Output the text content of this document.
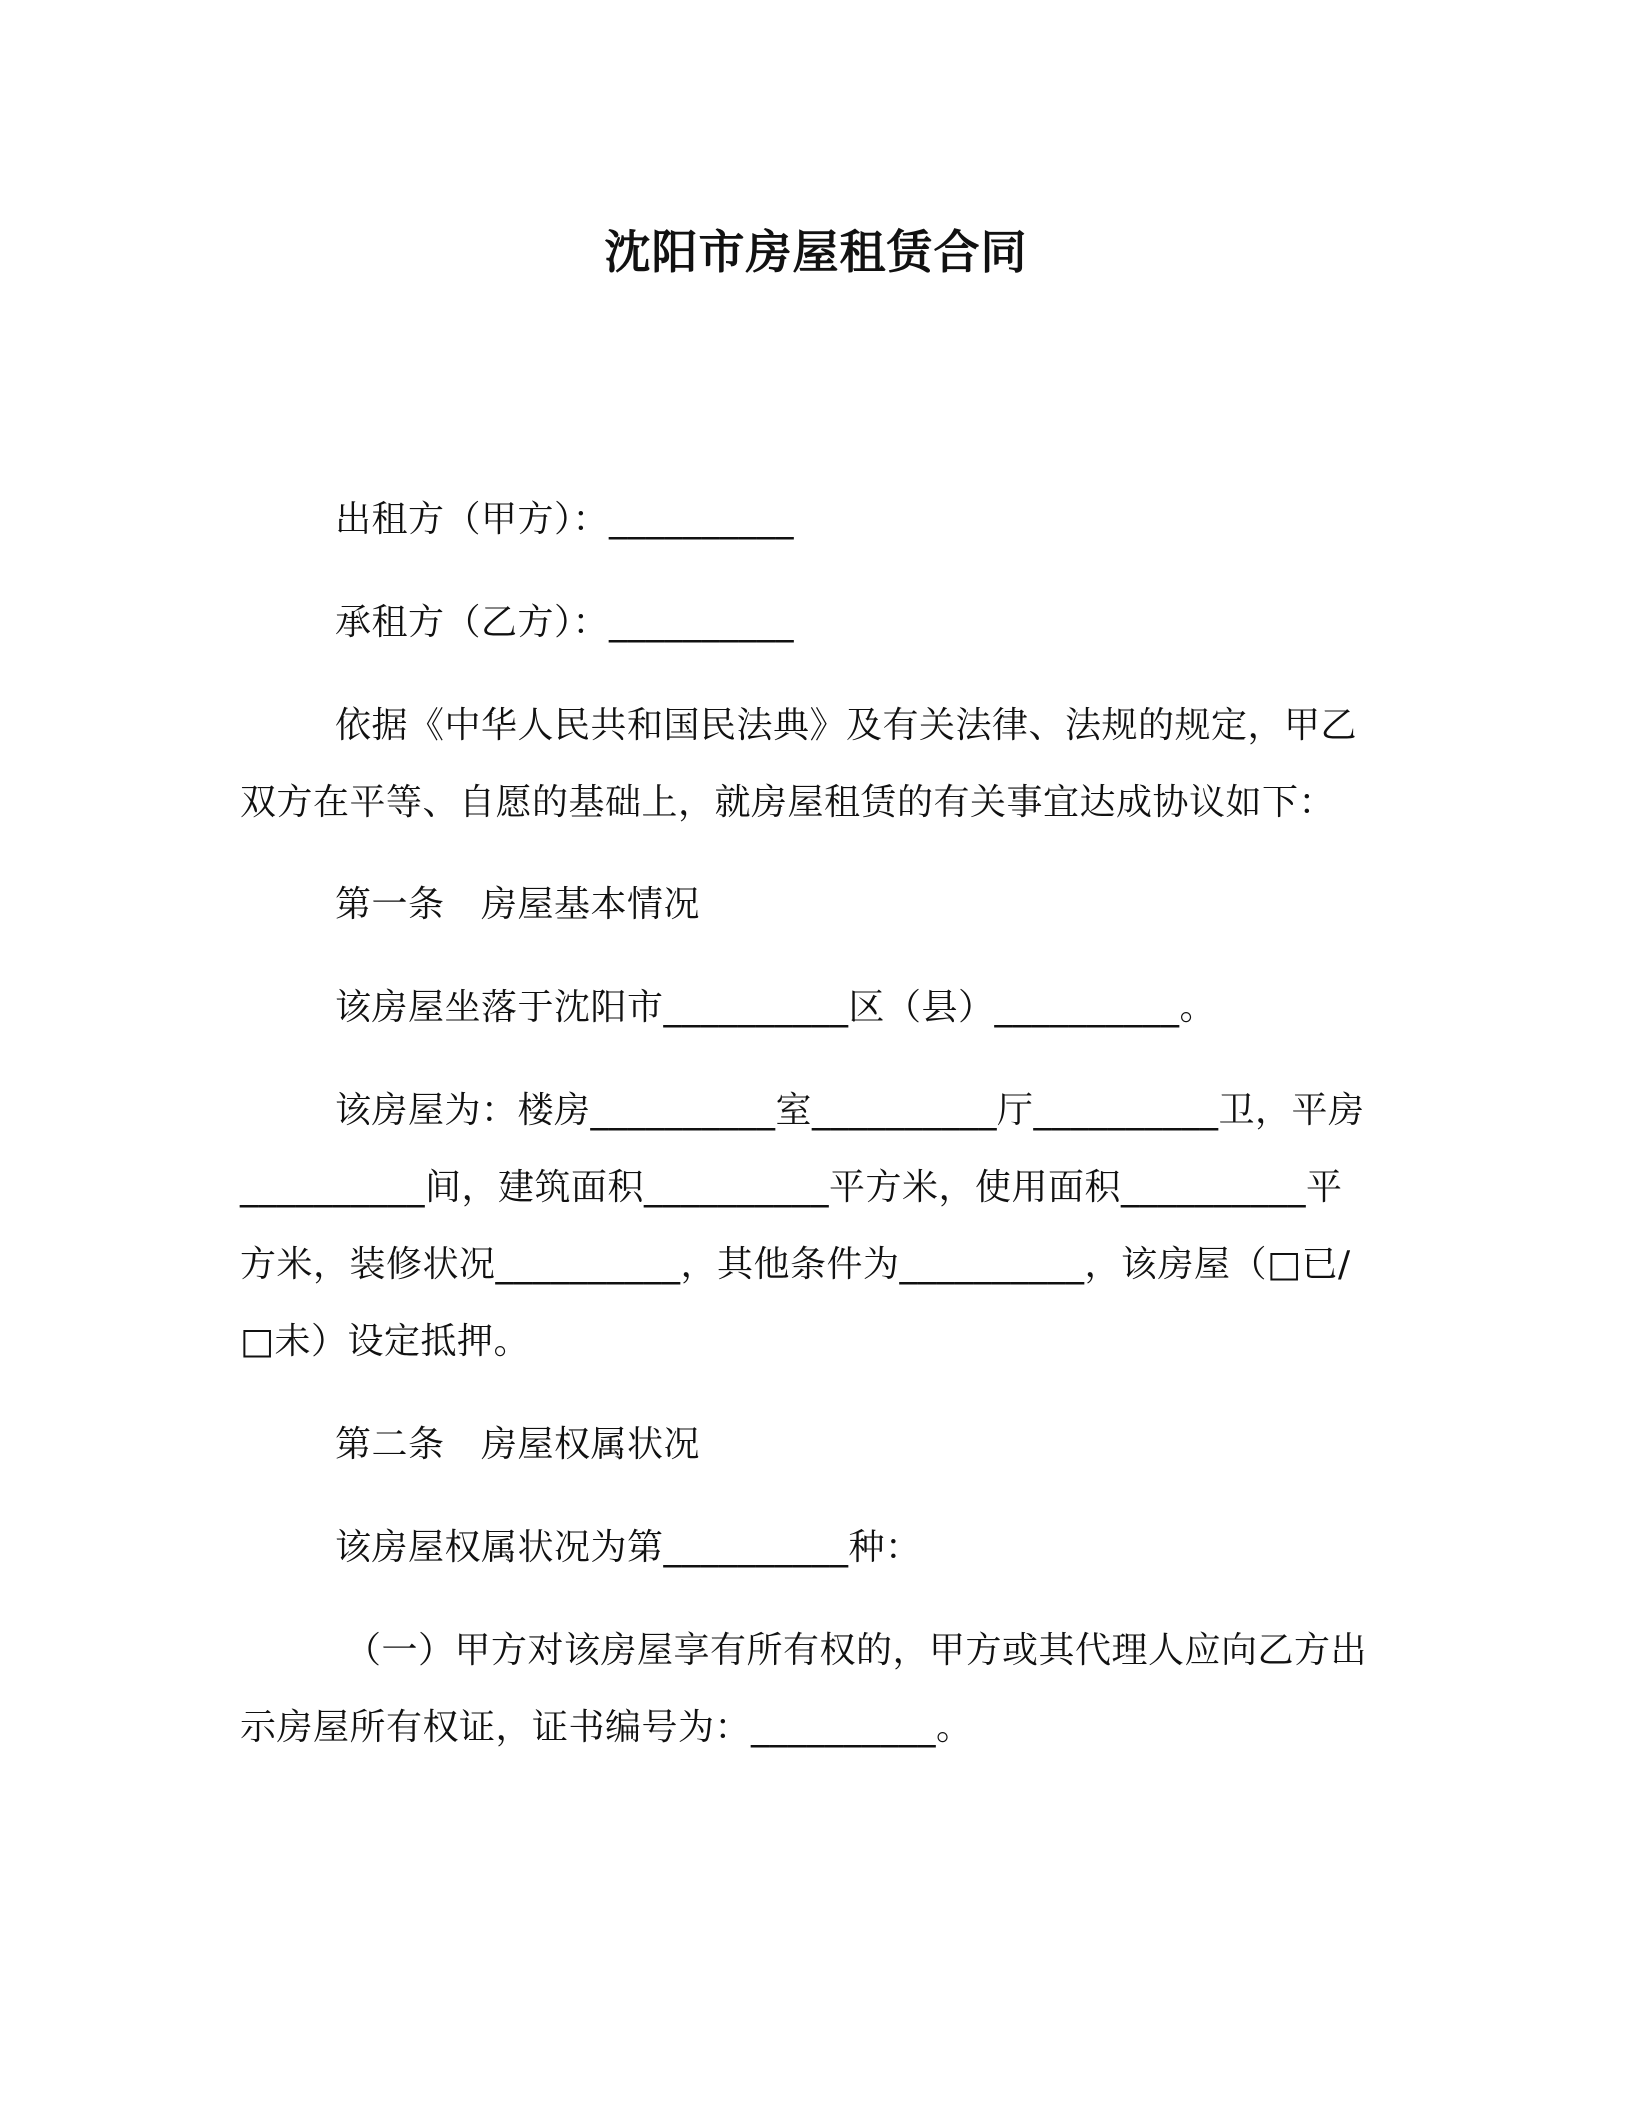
沈阳市房屋租赁合同
出租方（甲方）：__________
承租方（乙方）：__________
依据《中华人民共和国民法典》及有关法律、法规的规定，甲乙
双方在平等、自愿的基础上，就房屋租赁的有关事宜达成协议如下：
第一条　房屋基本情况
该房屋坐落于沈阳市__________区（县）__________。
该房屋为：楼房__________室__________厅__________卫，平房
__________间，建筑面积__________平方米，使用面积__________平
方米，装修状况__________，其他条件为__________，该房屋（□已/
□未）设定抵押。
第二条　房屋权属状况
该房屋权属状况为第__________种：
（一）甲方对该房屋享有所有权的，甲方或其代理人应向乙方出
示房屋所有权证，证书编号为：__________。
